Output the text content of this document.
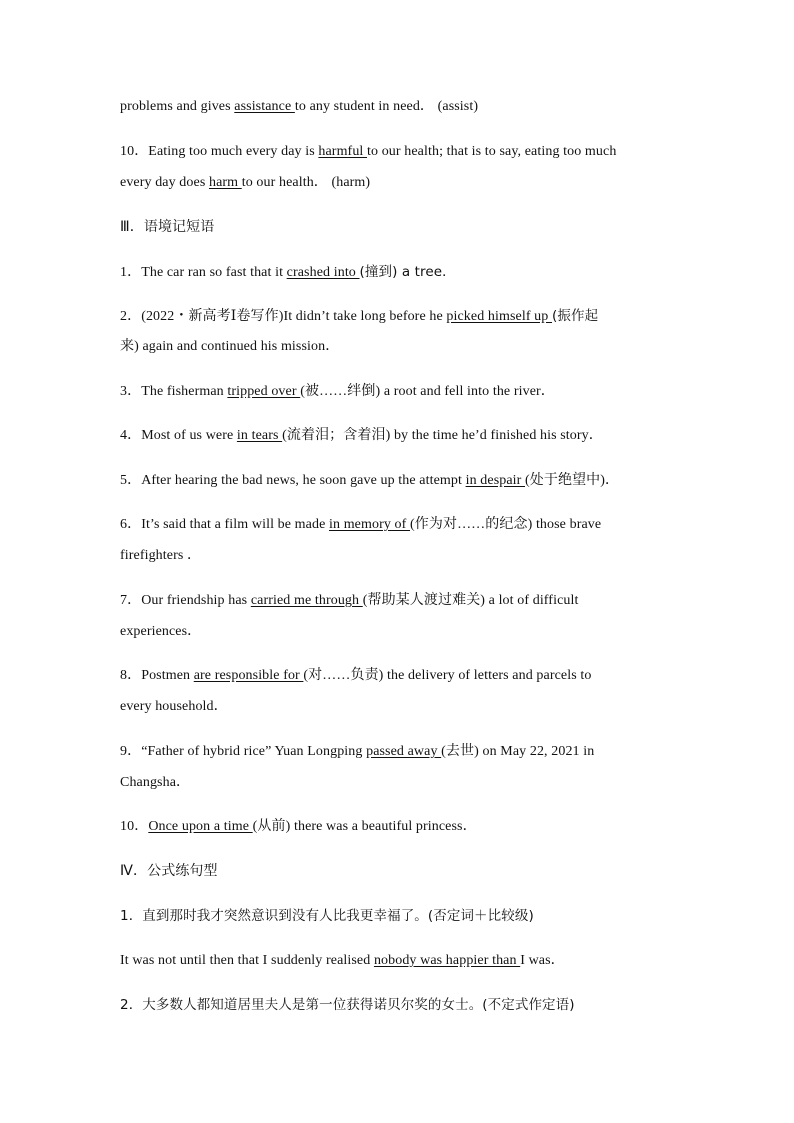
problems and gives assistance to any student in need． (assist)
10．Eating too much every day is harmful to our health; that is to say, eating too much
every day does harm to our health． (harm)
Ⅲ．语境记短语
1．The car ran so fast that it crashed into (撞到) a tree．
2．(2022・新高考Ⅰ卷写作)It didn’t take long before he picked himself up (振作起
来) again and continued his mission．
3．The fisherman tripped over (被……绊倒) a root and fell into the river．
4．Most of us were in tears (流着泪；含着泪) by the time he’d finished his story．
5．After hearing the bad news, he soon gave up the attempt in despair (处于绝望中)．
6．It’s said that a film will be made in memory of (作为对……的纪念) those brave
firefighters ．
7．Our friendship has carried me through (帮助某人渡过难关) a lot of difficult
experiences．
8．Postmen are responsible for (对……负责) the delivery of letters and parcels to
every household．
9．“Father of hybrid rice” Yuan Longping passed away (去世) on May 22, 2021 in
Changsha．
10．Once upon a time (从前) there was a beautiful princess．
Ⅳ．公式练句型
1．直到那时我才突然意识到没有人比我更幸福了。(否定词＋比较级)
It was not until then that I suddenly realised nobody was happier than I was．
2．大多数人都知道居里夫人是第一位获得诺贝尔奖的女士。(不定式作定语)
